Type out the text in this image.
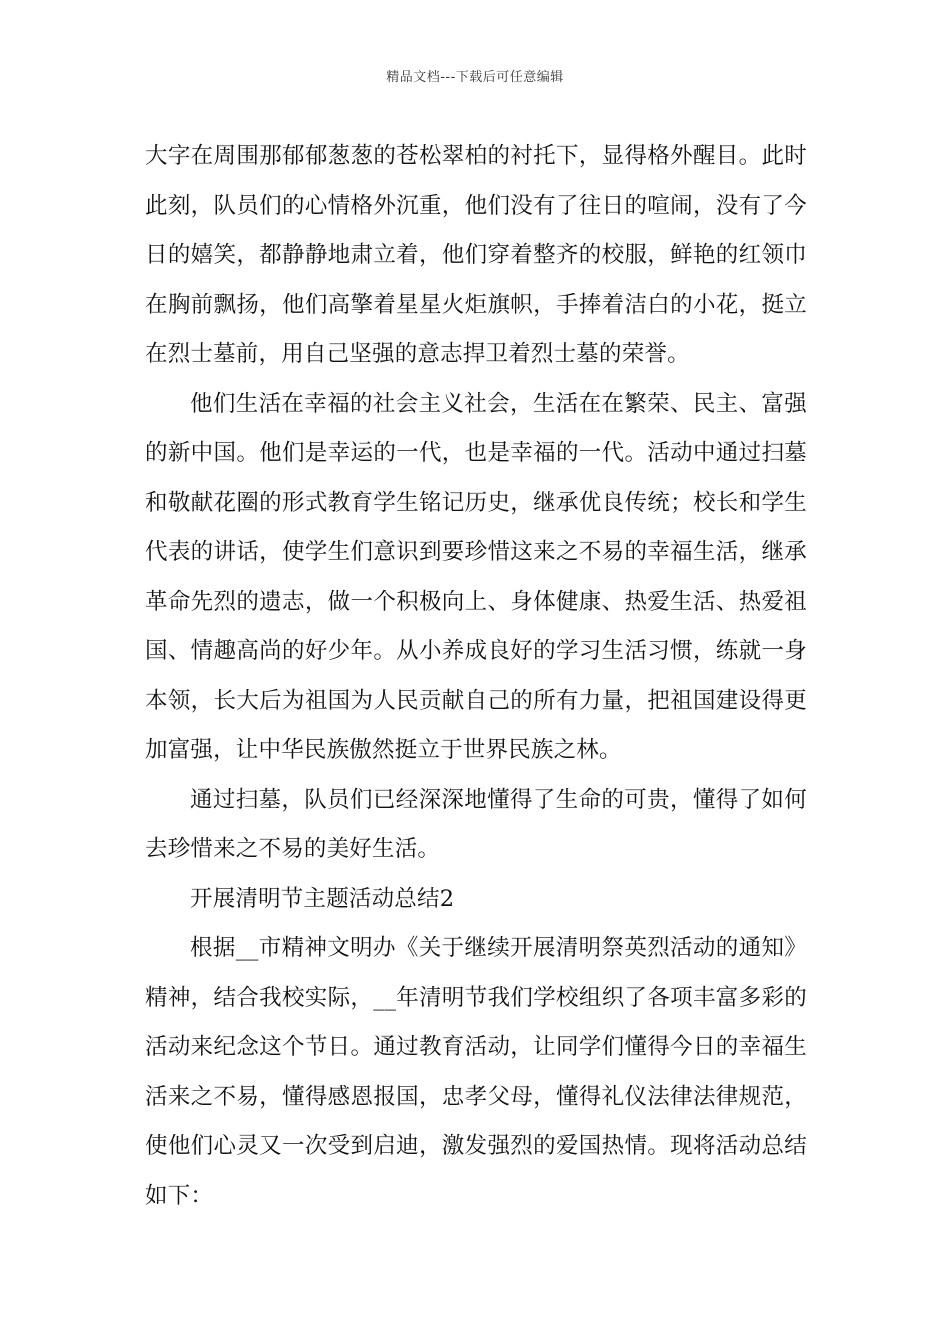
精品文档---下载后可任意编辑

大字在周围那郁郁葱葱的苍松翠柏的衬托下，显得格外醒目。此时此刻，队员们的心情格外沉重，他们没有了往日的喧闹，没有了今日的嬉笑，都静静地肃立着，他们穿着整齐的校服，鲜艳的红领巾在胸前飘扬，他们高擎着星星火炬旗帜，手捧着洁白的小花，挺立在烈士墓前，用自己坚强的意志捍卫着烈士墓的荣誉。

他们生活在幸福的社会主义社会，生活在在繁荣、民主、富强的新中国。他们是幸运的一代，也是幸福的一代。活动中通过扫墓和敬献花圈的形式教育学生铭记历史，继承优良传统；校长和学生代表的讲话，使学生们意识到要珍惜这来之不易的幸福生活，继承革命先烈的遗志，做一个积极向上、身体健康、热爱生活、热爱祖国、情趣高尚的好少年。从小养成良好的学习生活习惯，练就一身本领，长大后为祖国为人民贡献自己的所有力量，把祖国建设得更加富强，让中华民族傲然挺立于世界民族之林。

通过扫墓，队员们已经深深地懂得了生命的可贵，懂得了如何去珍惜来之不易的美好生活。

开展清明节主题活动总结2

根据__市精神文明办《关于继续开展清明祭英烈活动的通知》精神，结合我校实际，__年清明节我们学校组织了各项丰富多彩的活动来纪念这个节日。通过教育活动，让同学们懂得今日的幸福生活来之不易，懂得感恩报国，忠孝父母，懂得礼仪法律法律规范，使他们心灵又一次受到启迪，激发强烈的爱国热情。现将活动总结如下：
